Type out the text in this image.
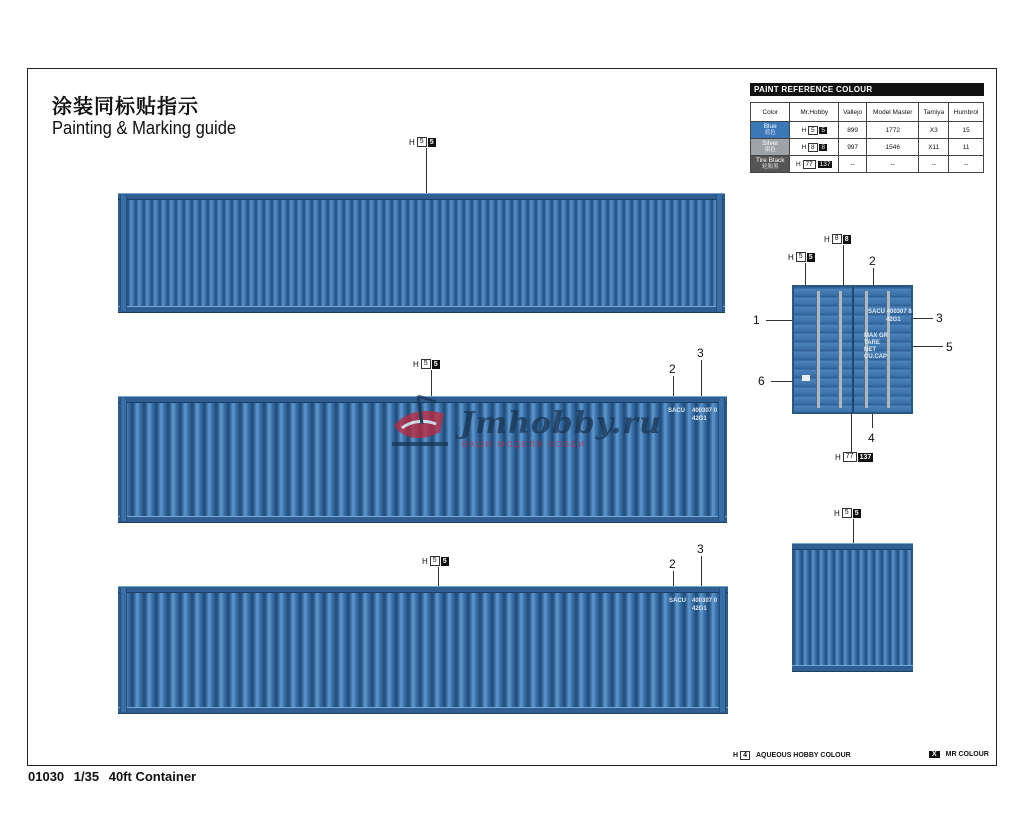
涂装同标贴指示
Painting & Marking guide
PAINT REFERENCE COLOUR
Color	Mr.Hobby	Vallejo	Model Master	Tamiya	Humbrol
Blue
蓝色	H 5 5	899	1772	X3	15
Silver
银色	H 8 8	997	1546	X11	11
Tire Black
轮胎黑	H 77 137	--	--	--	--
H 5 5
H 5 5	2
3
SACU 400307 0
42G1
H 5 5	2
3
SACU 400307 0
42G1
H 8 8
H 5 5	2
1	3
5
6
4
SACU 400307 8
42G1
MAX GR
TARE
NET
CU.CAP
H 77 137
H 5 5
Jmhobby.ru
ВАШИ МОДЕЛИ ХОББИ
H 4	AQUEOUS HOBBY COLOUR	X	MR COLOUR
01030 1/35 40ft Container
